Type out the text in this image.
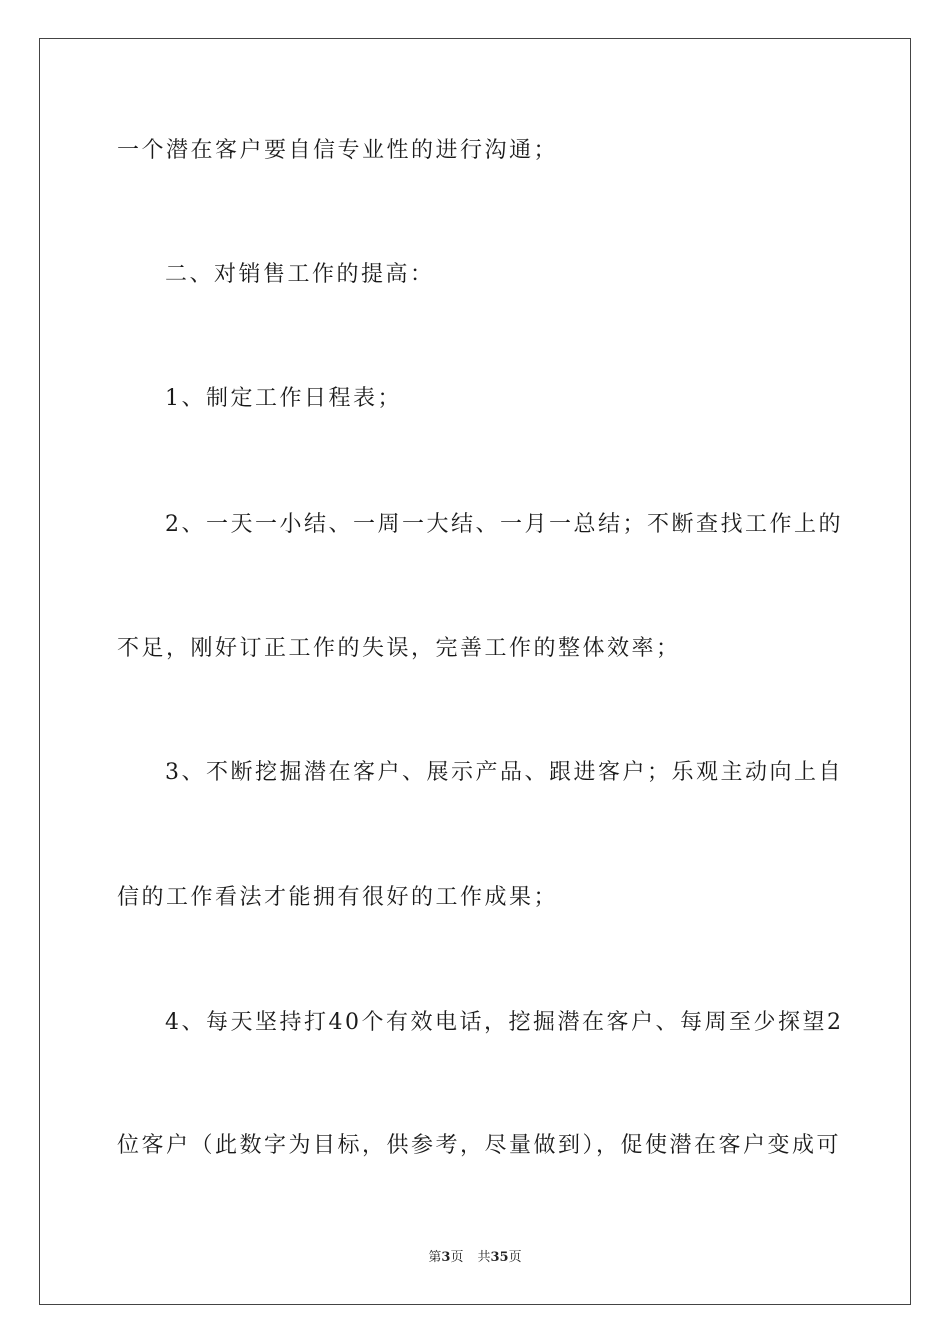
一个潜在客户要自信专业性的进行沟通；
二、对销售工作的提高：
1、制定工作日程表；
2、一天一小结、一周一大结、一月一总结；不断查找工作上的
不足，刚好订正工作的失误，完善工作的整体效率；
3、不断挖掘潜在客户、展示产品、跟进客户；乐观主动向上自
信的工作看法才能拥有很好的工作成果；
4、每天坚持打40个有效电话，挖掘潜在客户、每周至少探望2
位客户（此数字为目标，供参考，尽量做到），促使潜在客户变成可
第3页 共35页
